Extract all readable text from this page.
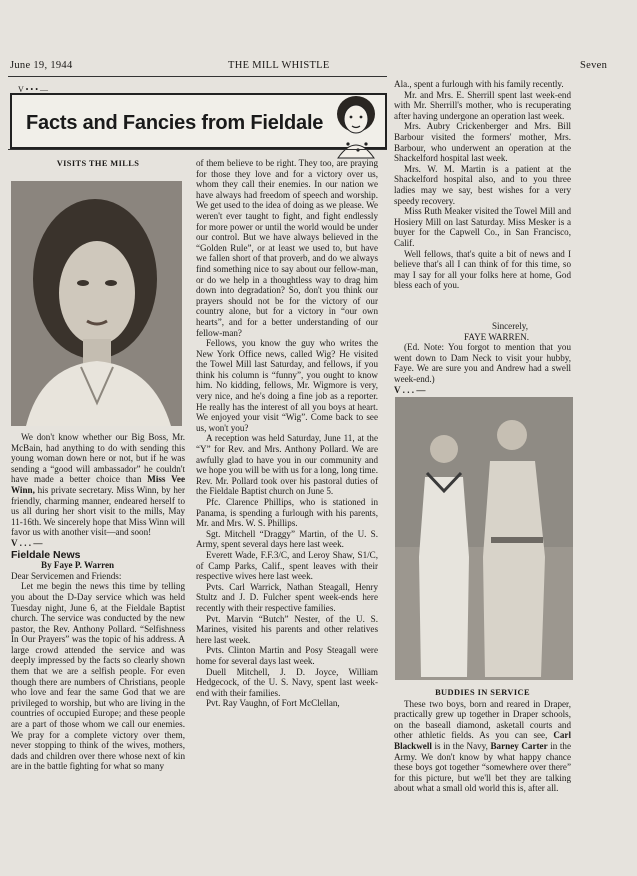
June 19, 1944	THE MILL WHISTLE	Seven
V • • • —
Facts and Fancies from Fieldale
VISITS THE MILLS

We don't know whether our Big Boss, Mr. McBain, had anything to do with sending this young woman down here or not, but if he was sending a “good will ambassador” he couldn't have made a better choice than Miss Vee Winn, his private secretary. Miss Winn, by her friendly, charming manner, endeared herself to us all during her short visit to the mills, May 11-16th. We sincerely hope that Miss Winn will favor us with another visit—and soon!

V . . . —
Fieldale News
By Faye P. Warren
Dear Servicemen and Friends:

Let me begin the news this time by telling you about the D-Day service which was held Tuesday night, June 6, at the Fieldale Baptist church. The service was conducted by the new pastor, the Rev. Anthony Pollard. “Selfishness In Our Prayers” was the topic of his address. A large crowd attended the service and was deeply impressed by the facts so clearly shown them that we are a selfish people. For even though there are numbers of Christians, people who love and fear the same God that we are privileged to worship, but who are living in the countries of occupied Europe; and these people are a part of those whom we call our enemies. We pray for a complete victory over them, never stopping to think of the wives, mothers, dads and children over there whose next of kin are in the battle fighting for what so many

of them believe to be right. They too, are praying for those they love and for a victory over us, whom they call their enemies. In our nation we have always had freedom of speech and worship. We get used to the idea of doing as we please. We weren't ever taught to fight, and fight endlessly for more power or until the world would be under our control. But we have always believed in the “Golden Rule”, or at least we used to, but have we fallen short of that proverb, and do we always find something nice to say about our fellow-man, or do we help in a thoughtless way to drag him down into degradation? So, don't you think our prayers should not be for the victory of our country alone, but for a victory in “our own hearts”, and for a better understanding of our fellow-man?

Fellows, you know the guy who writes the New York Office news, called Wig? He visited the Towel Mill last Saturday, and fellows, if you think his column is “funny”, you ought to know him. No kidding, fellows, Mr. Wigmore is very, very nice, and he's doing a fine job as a reporter. He really has the interest of all you boys at heart. We enjoyed your visit “Wig”. Come back to see us, won't you?

A reception was held Saturday, June 11, at the “Y” for Rev. and Mrs. Anthony Pollard. We are awfully glad to have you in our community and we hope you will be with us for a long, long time. Rev. Mr. Pollard took over his pastoral duties of the Fieldale Baptist church on June 5.

Pfc. Clarence Phillips, who is stationed in Panama, is spending a furlough with his parents, Mr. and Mrs. W. S. Phillips.

Sgt. Mitchell “Draggy” Martin, of the U. S. Army, spent several days here last week.

Everett Wade, F.F.3/C, and Leroy Shaw, S1/C, of Camp Parks, Calif., spent leaves with their respective wives here last week.

Pvts. Carl Warrick, Nathan Steagall, Henry Stultz and J. D. Fulcher spent week-ends here recently with their respective families.

Pvt. Marvin “Butch” Nester, of the U. S. Marines, visited his parents and other relatives here last week.

Pvts. Clinton Martin and Posy Steagall were home for several days last week.

Duell Mitchell, J. D. Joyce, William Hedgecock, of the U. S. Navy, spent last week-end with their families.

Pvt. Ray Vaughn, of Fort McClellan,

Ala., spent a furlough with his family recently.

Mr. and Mrs. E. Sherrill spent last week-end with Mr. Sherrill's mother, who is recuperating after having undergone an operation last week.

Mrs. Aubry Crickenberger and Mrs. Bill Barbour visited the formers' mother, Mrs. Barbour, who underwent an operation at the Shackelford hospital last week.

Mrs. W. M. Martin is a patient at the Shackelford hospital also, and to you three ladies may we say, best wishes for a very speedy recovery.

Miss Ruth Meaker visited the Towel Mill and Hosiery Mill on last Saturday. Miss Mesker is a buyer for the Capwell Co., in San Francisco, Calif.

Well fellows, that's quite a bit of news and I believe that's all I can think of for this time, so may I say for all your folks here at home, God bless each of you.

Sincerely,
FAYE WARREN.

(Ed. Note: You forgot to mention that you went down to Dam Neck to visit your hubby, Faye. We are sure you and Andrew had a swell week-end.)

V . . . —
BUDDIES IN SERVICE

These two boys, born and reared in Draper, practically grew up together in Draper schools, on the baseall diamond, asketall courts and other athletic fields. As you can see, Carl Blackwell is in the Navy, Barney Carter in the Army. We don't know by what happy chance these boys got together “somewhere over there” for this picture, but we'll bet they are talking about what a small old world this is, after all.
